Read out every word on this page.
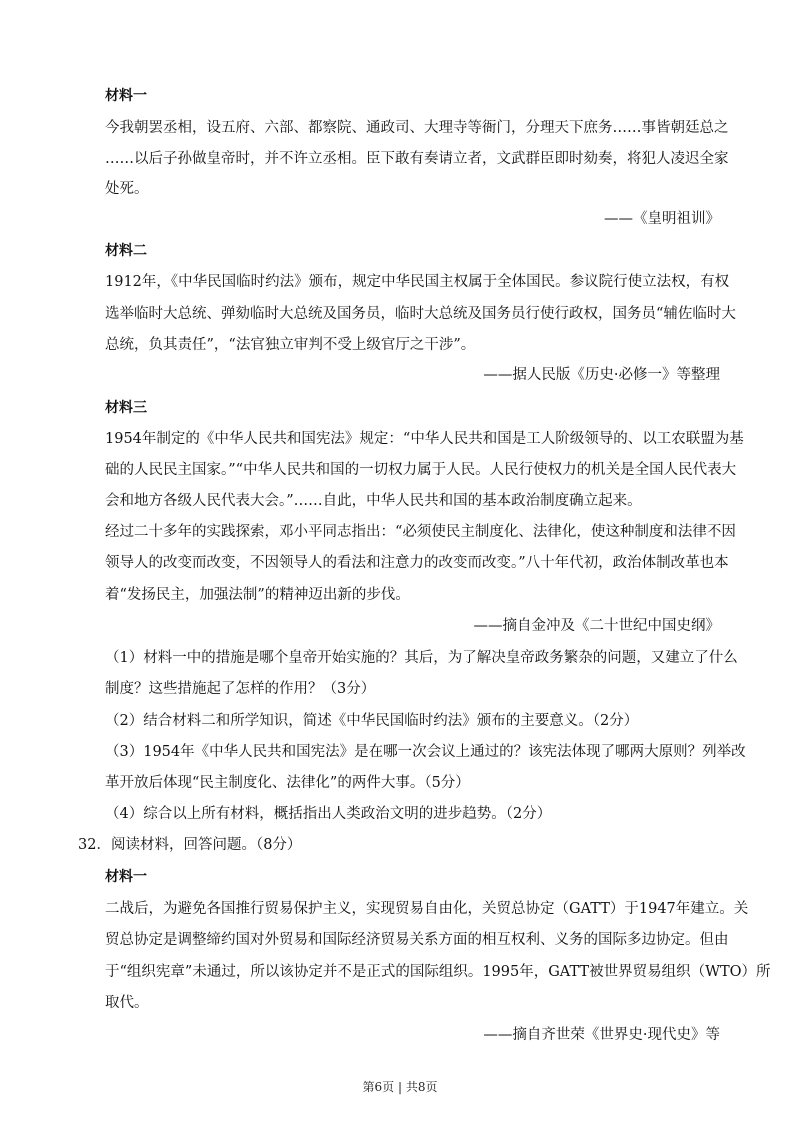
材料一
今我朝罢丞相，设五府、六部、都察院、通政司、大理寺等衙门，分理天下庶务……事皆朝廷总之
……以后子孙做皇帝时，并不许立丞相。臣下敢有奏请立者，文武群臣即时劾奏，将犯人凌迟全家
处死。
——《皇明祖训》
材料二
1912年，《中华民国临时约法》颁布，规定中华民国主权属于全体国民。参议院行使立法权，有权
选举临时大总统、弹劾临时大总统及国务员，临时大总统及国务员行使行政权，国务员“辅佐临时大
总统，负其责任”，“法官独立审判不受上级官厅之干涉”。
——据人民版《历史·必修一》等整理
材料三
1954年制定的《中华人民共和国宪法》规定：“中华人民共和国是工人阶级领导的、以工农联盟为基
础的人民民主国家。”“中华人民共和国的一切权力属于人民。人民行使权力的机关是全国人民代表大
会和地方各级人民代表大会。”……自此，中华人民共和国的基本政治制度确立起来。
经过二十多年的实践探索，邓小平同志指出：“必须使民主制度化、法律化，使这种制度和法律不因
领导人的改变而改变，不因领导人的看法和注意力的改变而改变。”八十年代初，政治体制改革也本
着“发扬民主，加强法制”的精神迈出新的步伐。
——摘自金冲及《二十世纪中国史纲》
（1）材料一中的措施是哪个皇帝开始实施的？其后，为了解决皇帝政务繁杂的问题，又建立了什么
制度？这些措施起了怎样的作用？（3分）
（2）结合材料二和所学知识，简述《中华民国临时约法》颁布的主要意义。（2分）
（3）1954年《中华人民共和国宪法》是在哪一次会议上通过的？该宪法体现了哪两大原则？列举改
革开放后体现“民主制度化、法律化”的两件大事。（5分）
（4）综合以上所有材料，概括指出人类政治文明的进步趋势。（2分）
32．阅读材料，回答问题。（8分）
材料一
二战后，为避免各国推行贸易保护主义，实现贸易自由化，关贸总协定（GATT）于1947年建立。关
贸总协定是调整缔约国对外贸易和国际经济贸易关系方面的相互权利、义务的国际多边协定。但由
于“组织宪章”未通过，所以该协定并不是正式的国际组织。1995年，GATT被世界贸易组织（WTO）所
取代。
——摘自齐世荣《世界史·现代史》等
第6页 | 共8页
